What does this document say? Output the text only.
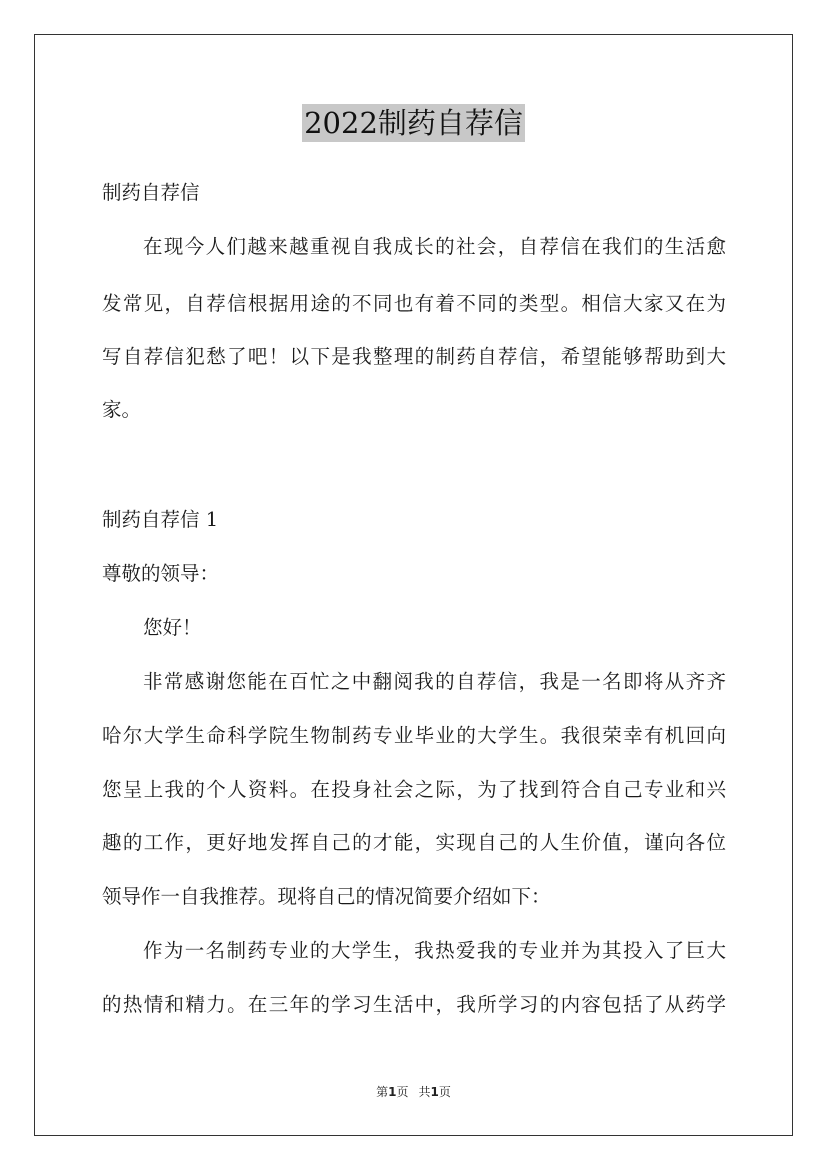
2022制药自荐信
制药自荐信
在现今人们越来越重视自我成长的社会，自荐信在我们的生活愈
发常见，自荐信根据用途的不同也有着不同的类型。相信大家又在为
写自荐信犯愁了吧！以下是我整理的制药自荐信，希望能够帮助到大
家。
制药自荐信 1
尊敬的领导：
您好！
非常感谢您能在百忙之中翻阅我的自荐信，我是一名即将从齐齐
哈尔大学生命科学院生物制药专业毕业的大学生。我很荣幸有机回向
您呈上我的个人资料。在投身社会之际，为了找到符合自己专业和兴
趣的工作，更好地发挥自己的才能，实现自己的人生价值，谨向各位
领导作一自我推荐。现将自己的情况简要介绍如下：
作为一名制药专业的大学生，我热爱我的专业并为其投入了巨大
的热情和精力。在三年的学习生活中，我所学习的内容包括了从药学
第1页 共1页
